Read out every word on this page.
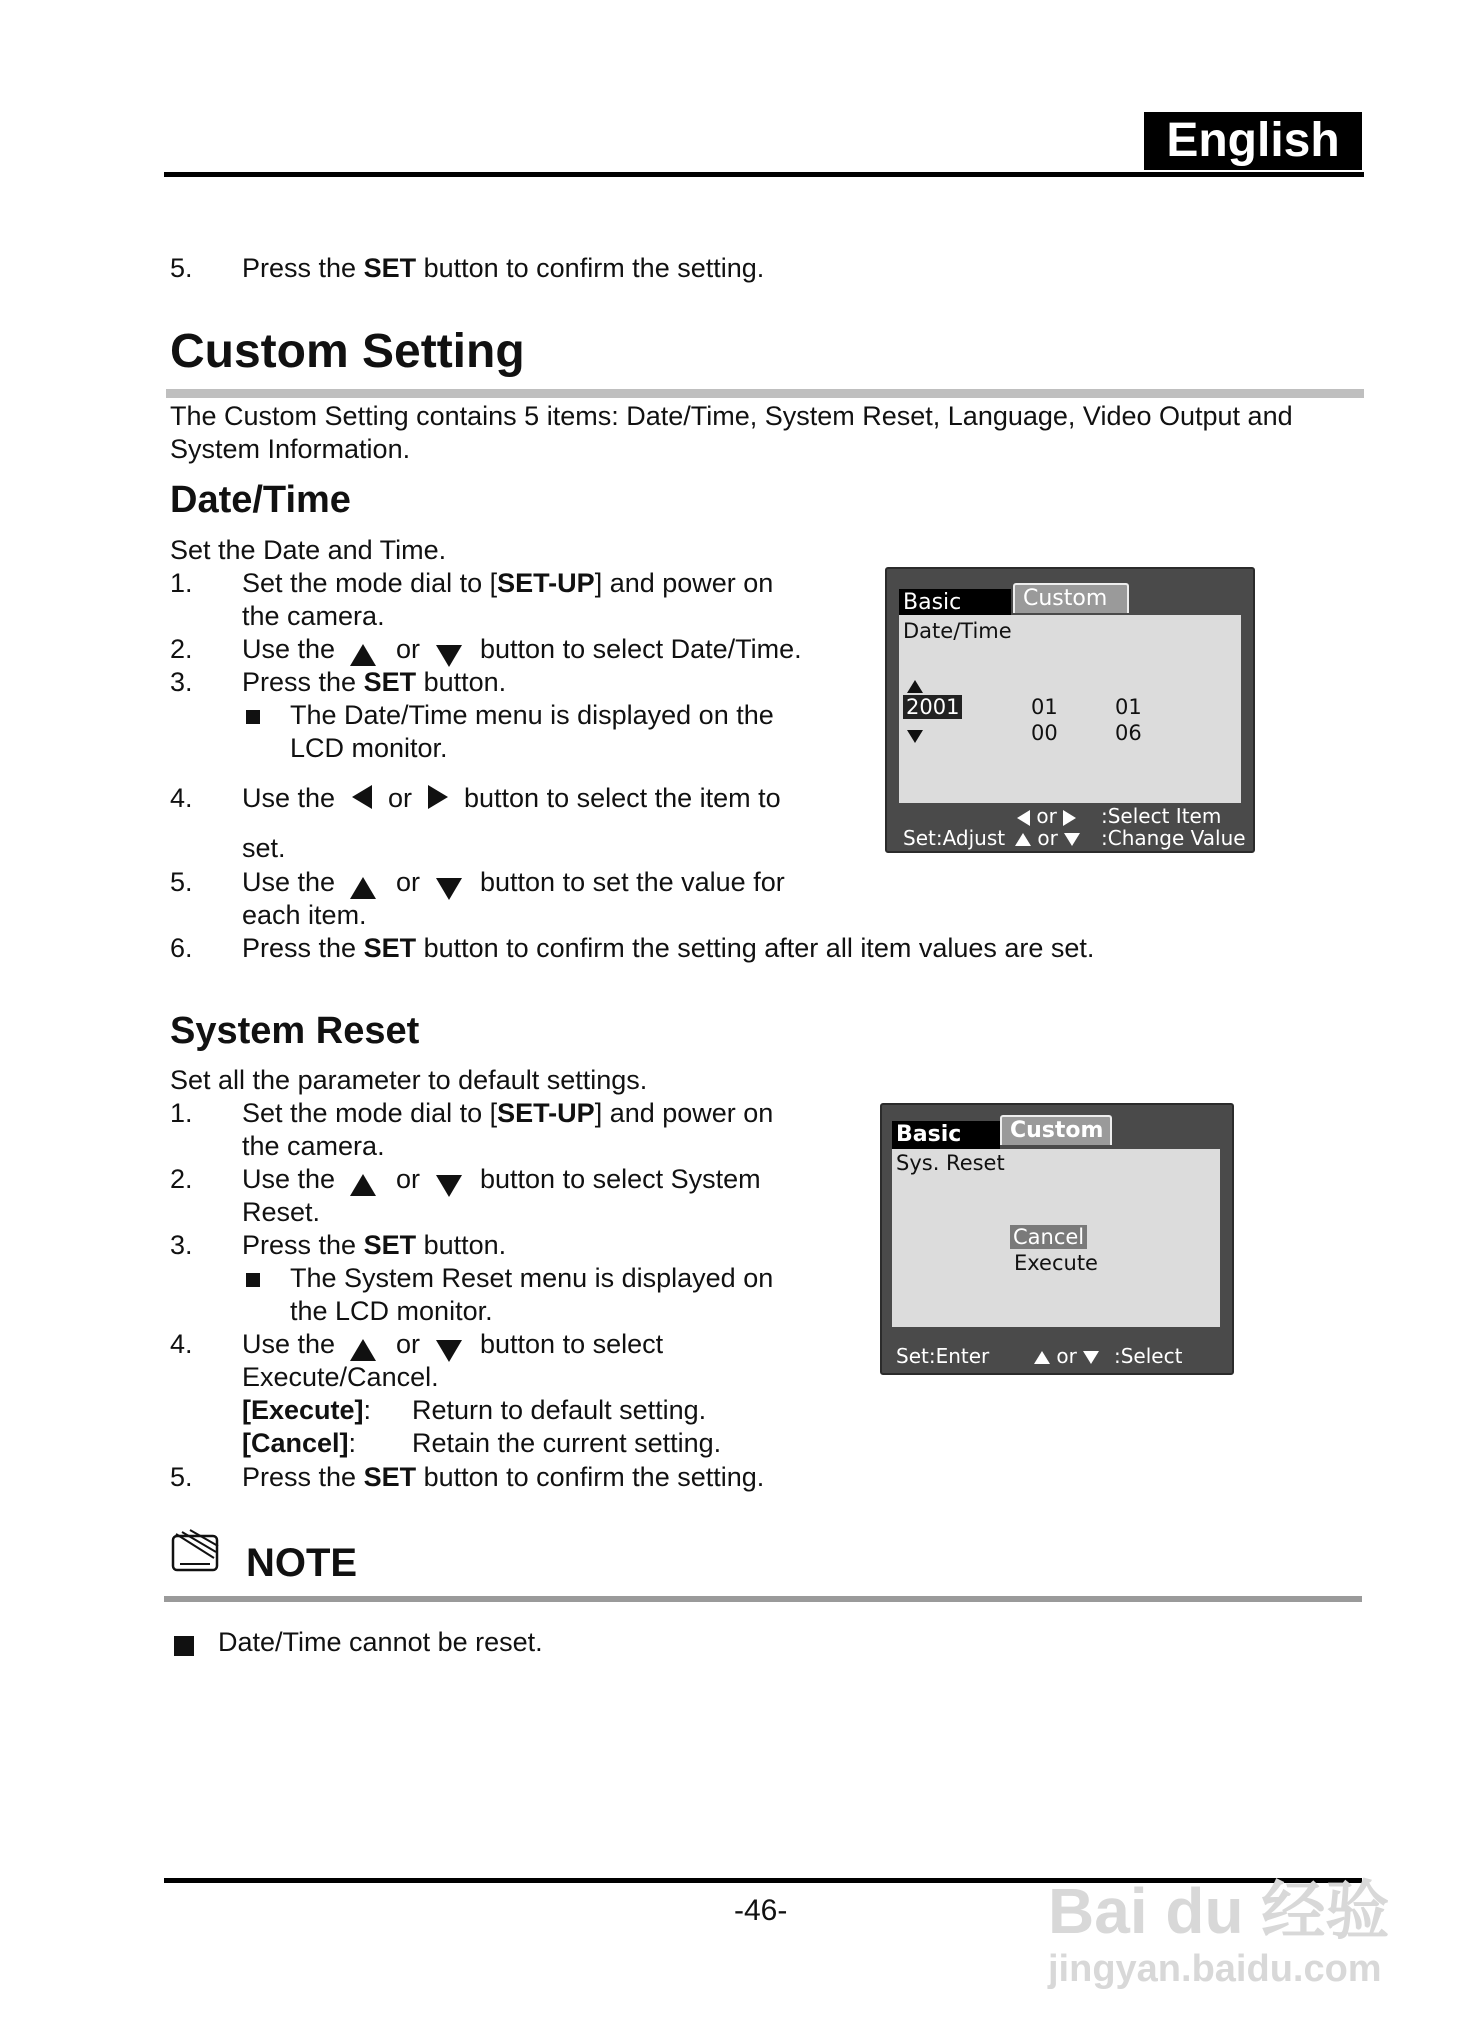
English
5. Press the SET button to confirm the setting.
Custom Setting
The Custom Setting contains 5 items: Date/Time, System Reset, Language, Video Output and
System Information.
Date/Time
Set the Date and Time.
1. Set the mode dial to [SET-UP] and power on
the camera.
2. Use the or button to select Date/Time.
3. Press the SET button.
The Date/Time menu is displayed on the
LCD monitor.
4. Use the or button to select the item to
set.
5. Use the or button to set the value for
each item.
6. Press the SET button to confirm the setting after all item values are set.
Basic	Custom
Date/Time
2001	01	01
00	06
or	:Select Item
Set:Adjust	or	:Change Value
System Reset
Set all the parameter to default settings.
1. Set the mode dial to [SET-UP] and power on
the camera.
2. Use the or button to select System
Reset.
3. Press the SET button.
The System Reset menu is displayed on
the LCD monitor.
4. Use the or button to select
Execute/Cancel.
[Execute]: Return to default setting.
[Cancel]: Retain the current setting.
5. Press the SET button to confirm the setting.
Basic	Custom
Sys. Reset
Cancel
Execute
Set:Enter	or	:Select
NOTE
Date/Time cannot be reset.
-46-	Bai du 经验
jingyan.baidu.com
